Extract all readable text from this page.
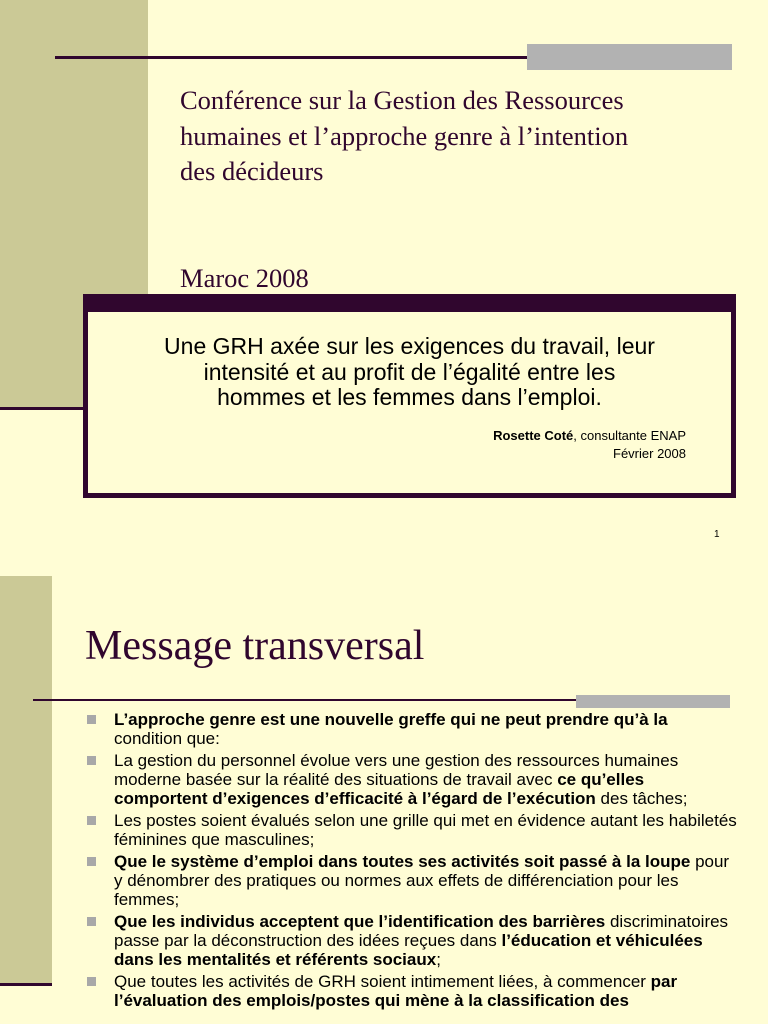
Conférence sur la Gestion des Ressources
humaines et l’approche genre à l’intention
des décideurs
Maroc 2008

Une GRH axée sur les exigences du travail, leur
intensité et au profit de l’égalité entre les
hommes et les femmes dans l’emploi.

Rosette Coté, consultante ENAP
Février 2008
1
Message transversal
L’approche genre est une nouvelle greffe qui ne peut prendre qu’à la condition que:
La gestion du personnel évolue vers une gestion des ressources humaines moderne basée sur la réalité des situations de travail avec ce qu’elles comportent d’exigences d’efficacité à l’égard de l’exécution des tâches;
Les postes soient évalués selon une grille qui met en évidence autant les habiletés féminines que masculines;
Que le système d’emploi dans toutes ses activités soit passé à la loupe pour y dénombrer des pratiques ou normes aux effets de différenciation pour les femmes;
Que les individus acceptent que l’identification des barrières discriminatoires passe par la déconstruction des idées reçues dans l’éducation et véhiculées dans les mentalités et référents sociaux;
Que toutes les activités de GRH soient intimement liées, à commencer par l’évaluation des emplois/postes qui mène à la classification des
